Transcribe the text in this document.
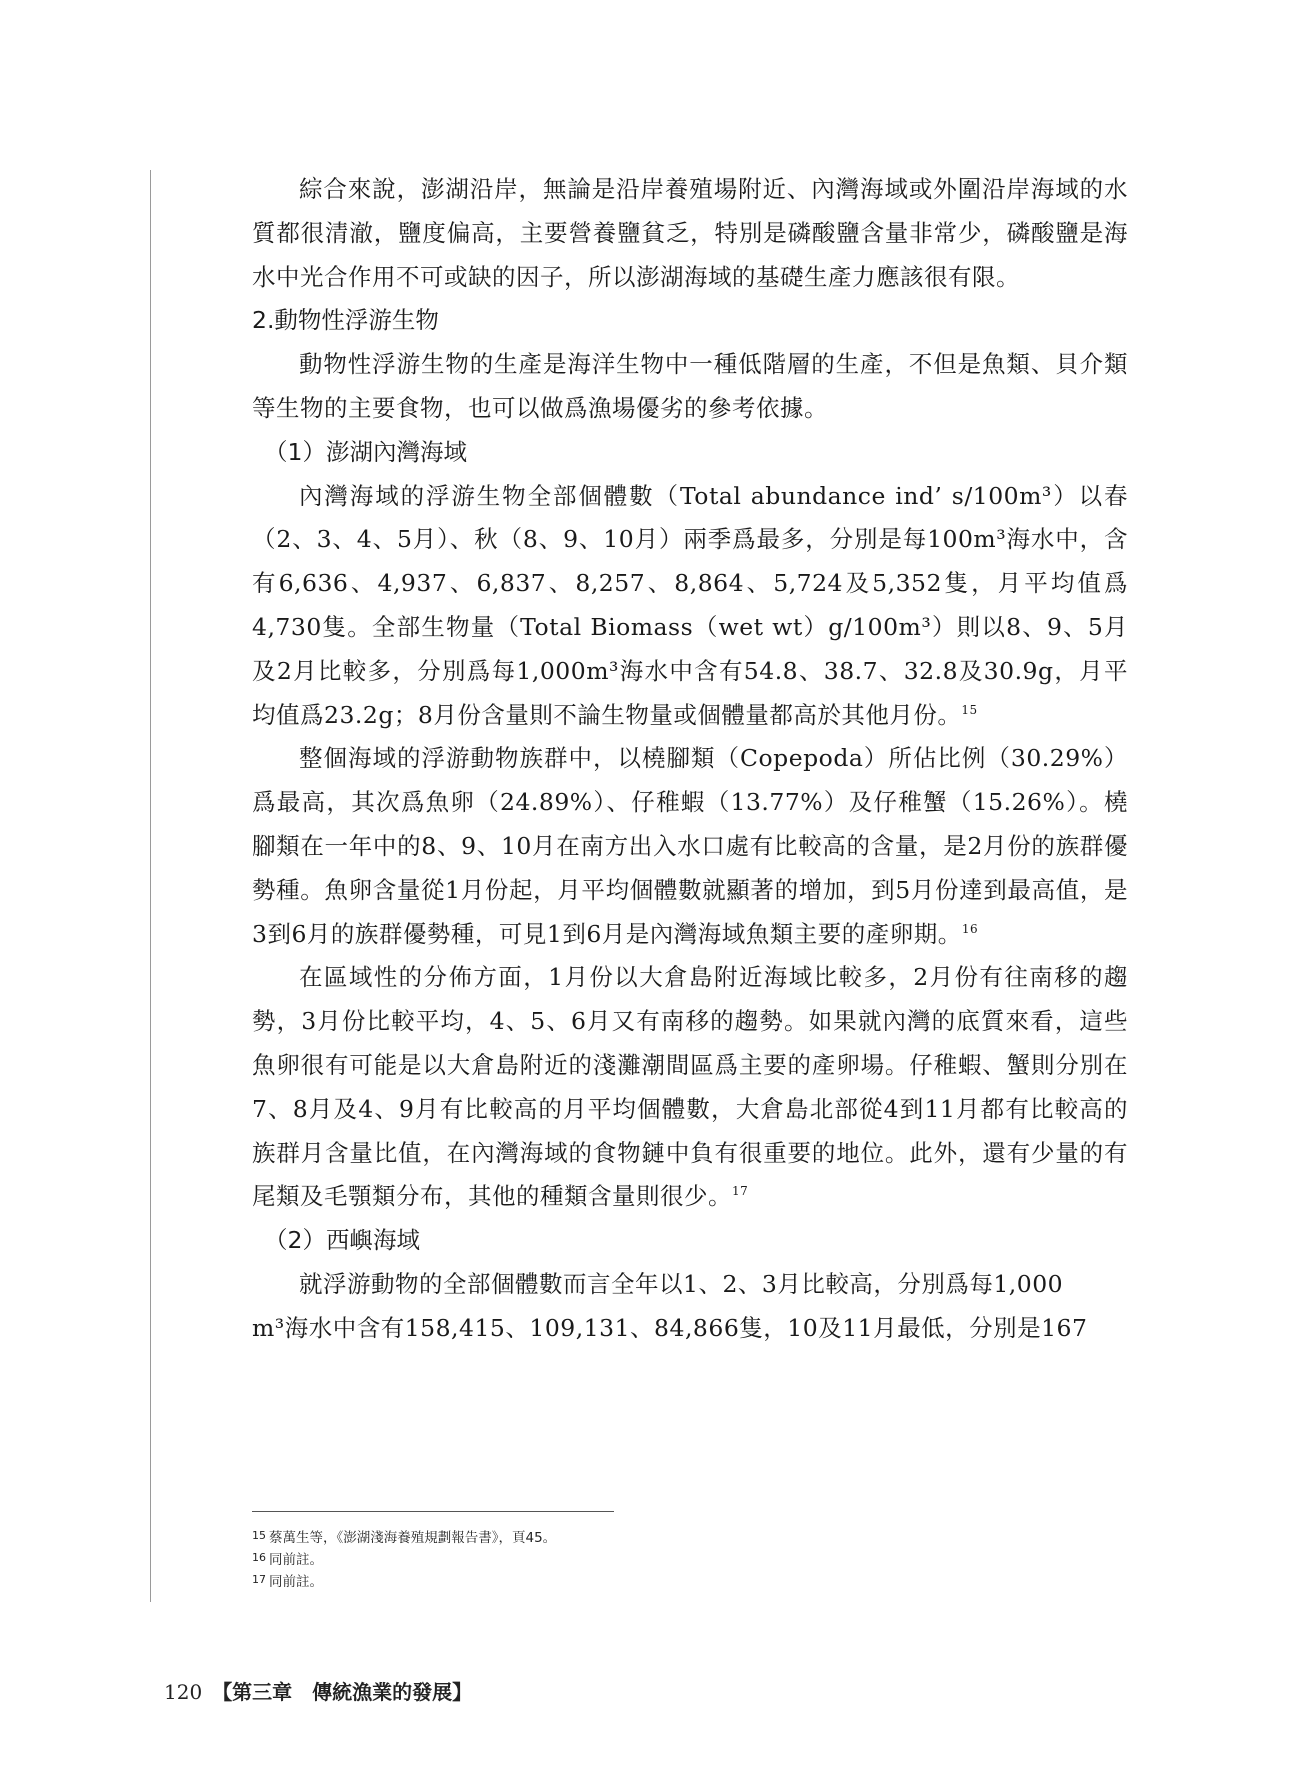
綜合來說，澎湖沿岸，無論是沿岸養殖場附近、內灣海域或外圍沿岸海域的水質都很清澈，鹽度偏高，主要營養鹽貧乏，特別是磷酸鹽含量非常少，磷酸鹽是海水中光合作用不可或缺的因子，所以澎湖海域的基礎生產力應該很有限。

2.動物性浮游生物

動物性浮游生物的生產是海洋生物中一種低階層的生產，不但是魚類、貝介類等生物的主要食物，也可以做爲漁場優劣的參考依據。

（1）澎湖內灣海域

內灣海域的浮游生物全部個體數（Total abundance ind’ s/100m³）以春（2、3、4、5月）、秋（8、9、10月）兩季爲最多，分別是每100m³海水中，含有6,636、4,937、6,837、8,257、8,864、5,724及5,352隻，月平均值爲4,730隻。全部生物量（Total Biomass（wet wt）g/100m³）則以8、9、5月及2月比較多，分別爲每1,000m³海水中含有54.8、38.7、32.8及30.9g，月平均值爲23.2g；8月份含量則不論生物量或個體量都高於其他月份。$^{15}$

整個海域的浮游動物族群中，以橈腳類（Copepoda）所佔比例（30.29%）爲最高，其次爲魚卵（24.89%）、仔稚蝦（13.77%）及仔稚蟹（15.26%）。橈腳類在一年中的8、9、10月在南方出入水口處有比較高的含量，是2月份的族群優勢種。魚卵含量從1月份起，月平均個體數就顯著的增加，到5月份達到最高值，是3到6月的族群優勢種，可見1到6月是內灣海域魚類主要的產卵期。$^{16}$

在區域性的分佈方面，1月份以大倉島附近海域比較多，2月份有往南移的趨勢，3月份比較平均，4、5、6月又有南移的趨勢。如果就內灣的底質來看，這些魚卵很有可能是以大倉島附近的淺灘潮間區爲主要的產卵場。仔稚蝦、蟹則分別在7、8月及4、9月有比較高的月平均個體數，大倉島北部從4到11月都有比較高的族群月含量比值，在內灣海域的食物鏈中負有很重要的地位。此外，還有少量的有尾類及毛顎類分布，其他的種類含量則很少。$^{17}$

（2）西嶼海域

就浮游動物的全部個體數而言全年以1、2、3月比較高，分別爲每1,000

m³海水中含有158,415、109,131、84,866隻，10及11月最低，分別是167

$^{15}$ 蔡萬生等，《澎湖淺海養殖規劃報告書》，頁45。
$^{16}$ 同前註。
$^{17}$ 同前註。
120 【第三章　傳統漁業的發展】
